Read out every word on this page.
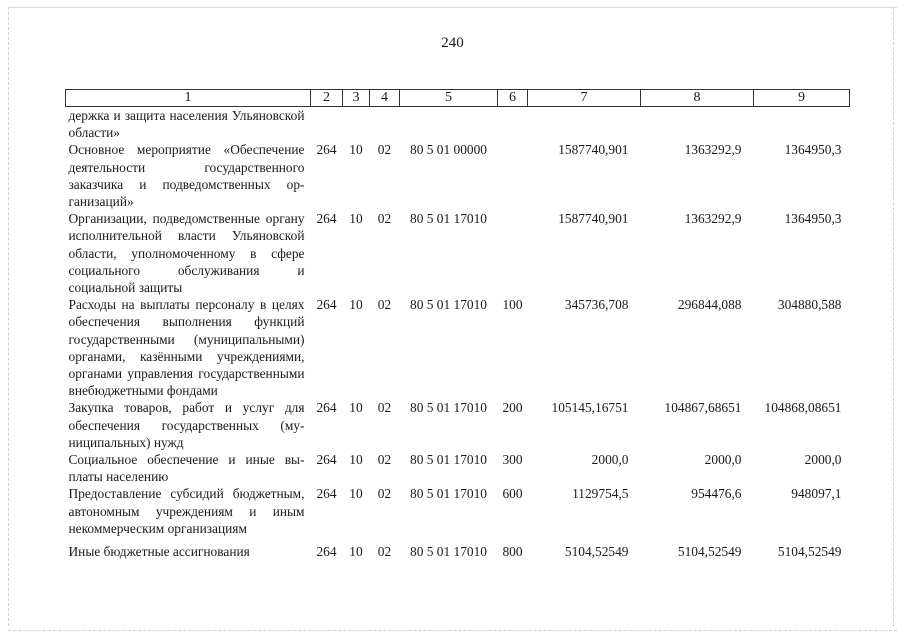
240
1	2	3	4	5	6	7	8	9
держка и защита населения Ульяновской области»								
Основное мероприятие «Обеспечение деятельности государственного заказчика и подведомственных организаций»	264	10	02	80 5 01 00000		1587740,901	1363292,9	1364950,3
Организации, подведомственные органу исполнительной власти Ульяновской области, уполномоченному в сфере социального обслуживания и социальной защиты	264	10	02	80 5 01 17010		1587740,901	1363292,9	1364950,3
Расходы на выплаты персоналу в целях обеспечения выполнения функций государственными (муниципальными) органами, казёнными учреждениями, органами управления государственными внебюджетными фондами	264	10	02	80 5 01 17010	100	345736,708	296844,088	304880,588
Закупка товаров, работ и услуг для обеспечения государственных (муниципальных) нужд	264	10	02	80 5 01 17010	200	105145,16751	104867,68651	104868,08651
Социальное обеспечение и иные выплаты населению	264	10	02	80 5 01 17010	300	2000,0	2000,0	2000,0
Предоставление субсидий бюджетным, автономным учреждениям и иным некоммерческим организациям	264	10	02	80 5 01 17010	600	1129754,5	954476,6	948097,1
Иные бюджетные ассигнования	264	10	02	80 5 01 17010	800	5104,52549	5104,52549	5104,52549
